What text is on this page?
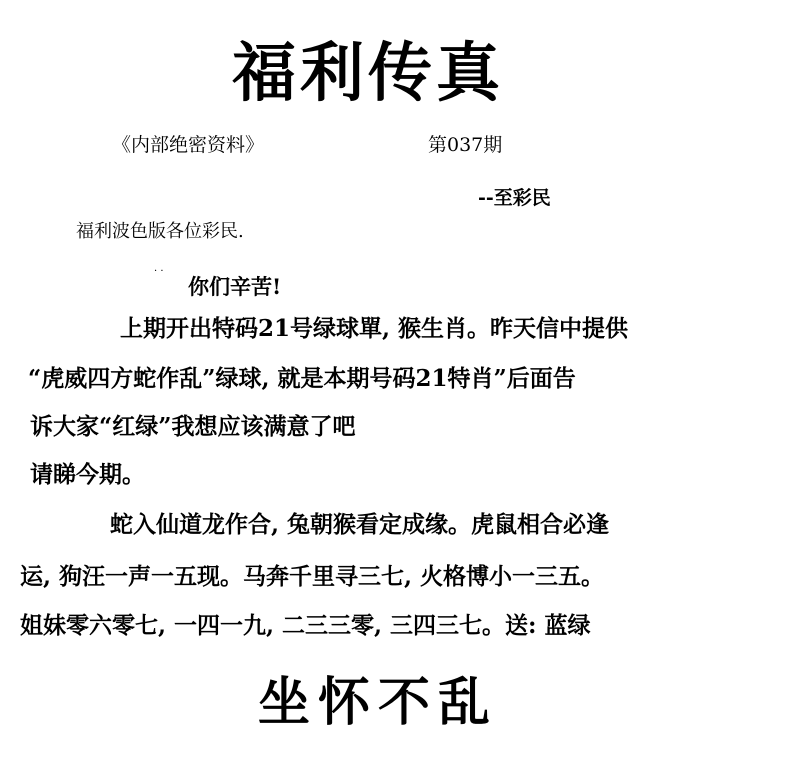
福利传真
《内部绝密资料》	第037期
--至彩民
福利波色版各位彩民.
· ·
你们辛苦!
上期开出特码21号绿球單, 猴生肖。昨天信中提供
“虎威四方蛇作乱”绿球, 就是本期号码21特肖”后面告
诉大家“红绿”我想应该满意了吧
请睇今期。
蛇入仙道龙作合, 兔朝猴看定成缘。虎鼠相合必逢
运, 狗汪一声一五现。马奔千里寻三七, 火格博小一三五。
姐妹零六零七, 一四一九, 二三三零, 三四三七。送: 蓝绿
坐怀不乱
